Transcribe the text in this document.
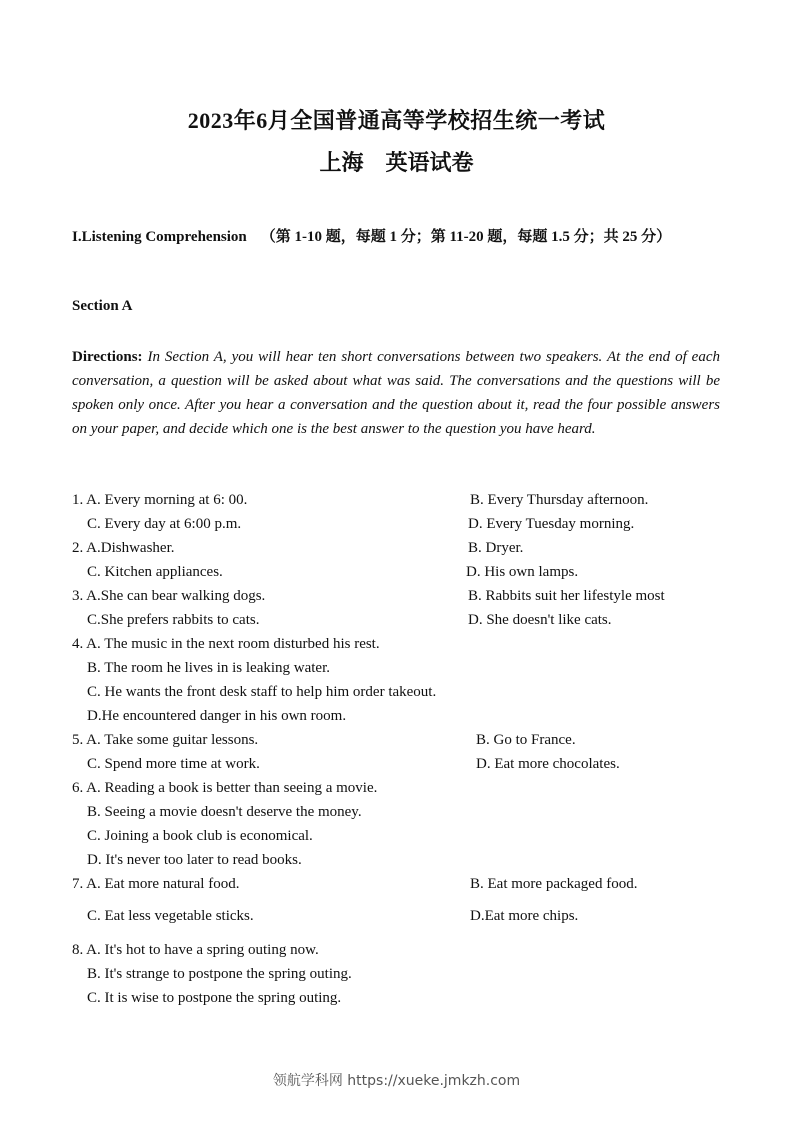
2023年6月全国普通高等学校招生统一考试
上海 英语试卷
I.Listening Comprehension （第 1-10 题，每题 1 分；第 11-20 题，每题 1.5 分；共 25 分）
Section A
Directions: In Section A, you will hear ten short conversations between two speakers. At the end of each conversation, a question will be asked about what was said. The conversations and the questions will be spoken only once. After you hear a conversation and the question about it, read the four possible answers on your paper, and decide which one is the best answer to the question you have heard.
1. A. Every morning at 6: 00.	B. Every Thursday afternoon.
C. Every day at 6:00 p.m.	D. Every Tuesday morning.
2. A.Dishwasher.	B. Dryer.
C. Kitchen appliances.	D. His own lamps.
3. A.She can bear walking dogs.	B. Rabbits suit her lifestyle most
C.She prefers rabbits to cats.	D. She doesn't like cats.
4. A. The music in the next room disturbed his rest.
B. The room he lives in is leaking water.
C. He wants the front desk staff to help him order takeout.
D.He encountered danger in his own room.
5. A. Take some guitar lessons.	B. Go to France.
C. Spend more time at work.	D. Eat more chocolates.
6. A. Reading a book is better than seeing a movie.
B. Seeing a movie doesn't deserve the money.
C. Joining a book club is economical.
D. It's never too later to read books.
7. A. Eat more natural food.	B. Eat more packaged food.
C. Eat less vegetable sticks.	D.Eat more chips.
8. A. It's hot to have a spring outing now.
B. It's strange to postpone the spring outing.
C. It is wise to postpone the spring outing.
领航学科网 https://xueke.jmkzh.com
